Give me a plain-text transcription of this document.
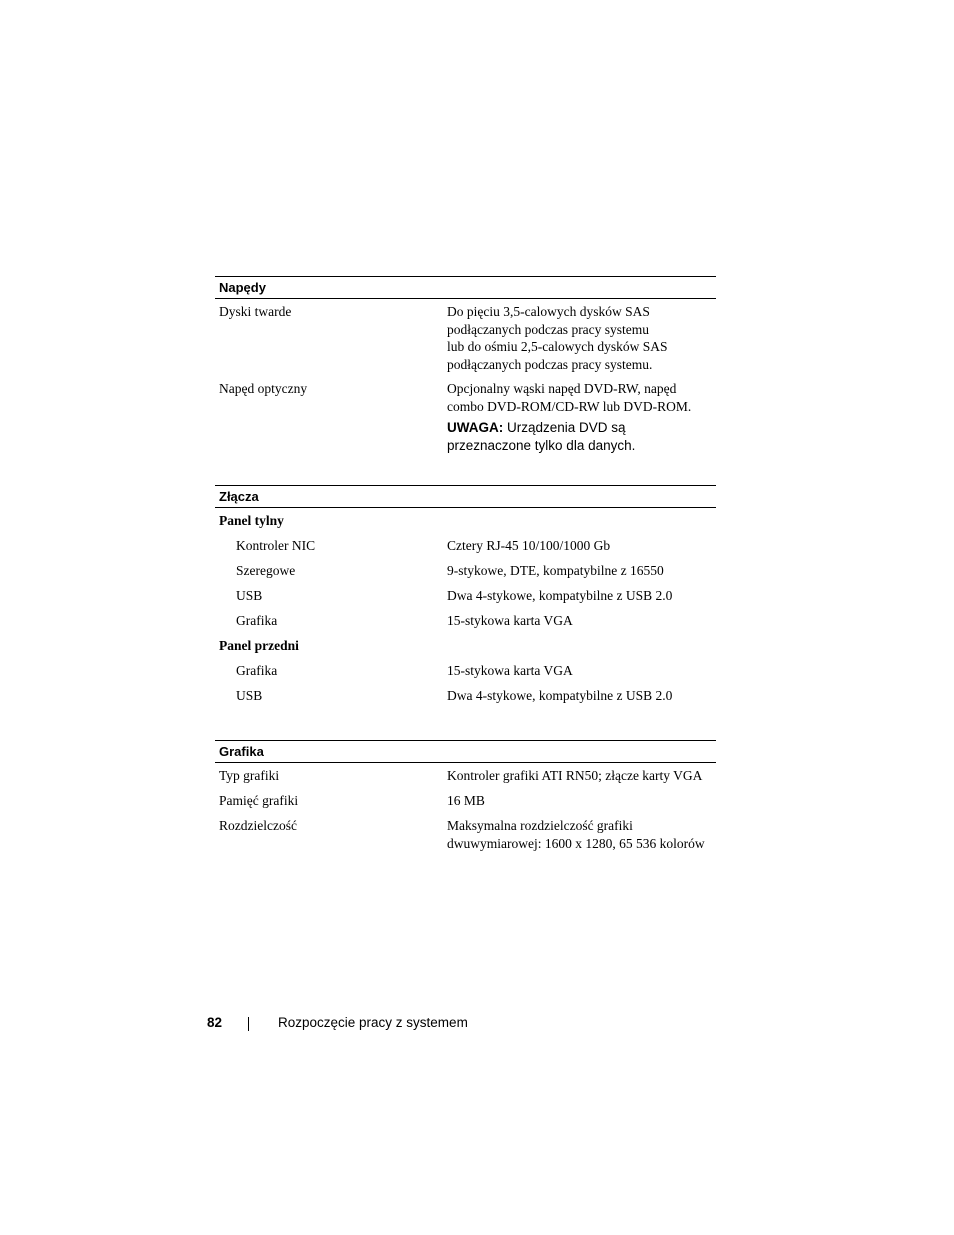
Napędy
Dyski twarde	Do pięciu 3,5-calowych dysków SAS
podłączanych podczas pracy systemu
lub do ośmiu 2,5-calowych dysków SAS
podłączanych podczas pracy systemu.
Napęd optyczny	Opcjonalny wąski napęd DVD-RW, napęd
combo DVD-ROM/CD-RW lub DVD-ROM.
UWAGA: Urządzenia DVD są
przeznaczone tylko dla danych.
Złącza
Panel tylny
Kontroler NIC	Cztery RJ-45 10/100/1000 Gb
Szeregowe	9-stykowe, DTE, kompatybilne z 16550
USB	Dwa 4-stykowe, kompatybilne z USB 2.0
Grafika	15-stykowa karta VGA
Panel przedni
Grafika	15-stykowa karta VGA
USB	Dwa 4-stykowe, kompatybilne z USB 2.0
Grafika
Typ grafiki	Kontroler grafiki ATI RN50; złącze karty VGA
Pamięć grafiki	16 MB
Rozdzielczość	Maksymalna rozdzielczość grafiki
dwuwymiarowej: 1600 x 1280, 65 536 kolorów
82	Rozpoczęcie pracy z systemem
